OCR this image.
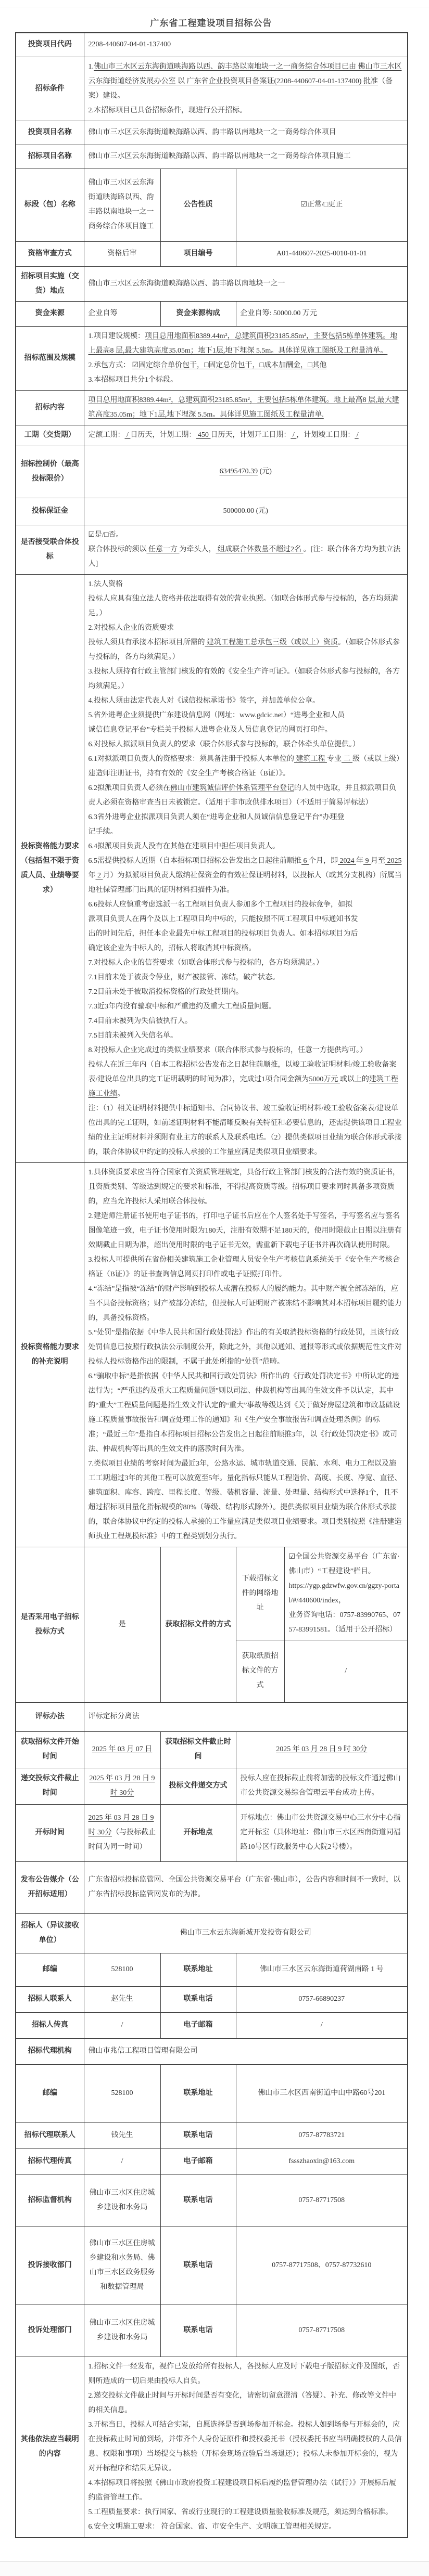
广东省工程建设项目招标公告
投资项目代码	2208-440607-04-01-137400			
招标条件	1.佛山市三水区云东海街道映海路以西、韵丰路以南地块一之一商务综合体项目已由 佛山市三水区云东海街道经济发展办公室 以 广东省企业投资项目备案证(2208-440607-04-01-137400) 批准（备案）建设。
2.本招标项目已具备招标条件，现进行公开招标。			
投资项目名称	佛山市三水区云东海街道映海路以西、韵丰路以南地块一之一商务综合体项目			
招标项目名称	佛山市三水区云东海街道映海路以西、韵丰路以南地块一之一商务综合体项目施工			
标段（包）名称	佛山市三水区云东海街道映海路以西、韵丰路以南地块一之一商务综合体项目施工	公告性质	☑正常/□更正	
资格审查方式	资格后审	项目编号	A01-440607-2025-0010-01-01	
招标项目实施（交货）地点	佛山市三水区云东海街道映海路以西、韵丰路以南地块一之一			
资金来源	企业自筹	资金来源构成	企业自筹: 50000.00 万元	
招标范围及规模	1.项目建设规模：项目总用地面积8389.44m²，总建筑面积23185.85m²，主要包括5栋单体建筑。地上最高8 层,最大建筑高度35.05m；地下1层,地下埋深 5.5m。具体详见施工图纸及工程量清单。
2.承包方式： ☑固定综合单价包干，□固定总价包干，□成本加酬金，□其他
3.本招标项目共分1个标段。			
招标内容	项目总用地面积8389.44m²，总建筑面积23185.85m²，主要包括5栋单体建筑。地上最高8 层,最大建筑高度35.05m；地下1层,地下埋深 5.5m。具体详见施工图纸及工程量清单.			
工期（交货期）	定额工期： / 日历天，计划工期： 450 日历天，计划开工日期： / ，计划竣工日期： /			
招标控制价（最高投标限价）	63495470.39 (元)			
投标保证金	500000.00 (元)			
是否接受联合体投标	☑是/□否。
联合体投标的须以 任意一方 为牵头人， 组成联合体数量不超过2名 。[注：联合体各方均为独立法人]			
投标资格能力要求
（包括但不限于资质人员、业绩等要求）	1.法人资格
投标人应具有独立法人资格并依法取得有效的营业执照。（如联合体形式参与投标的，各方均须满足。）
2.对投标人企业的资质要求
投标人须具有承接本招标项目所需的 建筑工程施工总承包三级（或以上）资质。（如联合体形式参与投标的，各方均须满足。）
3.投标人须持有行政主管部门核发的有效的《安全生产许可证》。（如联合体形式参与投标的，各方均须满足。）
4.投标人须由法定代表人对《诚信投标承诺书》签字，并加盖单位公章。
5.省外进粤企业须提供广东建设信息网（网址：www.gdcic.net）“进粤企业和人员
诚信信息登记平台”专栏关于投标人进粤企业及人员信息登记的网页打印件。
6.对投标人拟派项目负责人的要求（联合体形式参与投标的，联合体牵头单位提供。）
6.1对拟派项目负责人的资格要求：须具备注册于投标人本单位的 建筑工程 专业 二 级（或以上级）建造师注册证书，持有有效的《安全生产考核合格证（B证）》。
6.2拟派项目负责人必须在佛山市建筑诚信评价体系管理平台登记的人员中选取，并且拟派项目负责人必须在资格审查当日未被锁定。（适用于非市政供排水项目）（不适用于简易评标法）
6.3省外进粤企业拟派项目负责人须在“进粤企业和人员诚信信息登记平台”办理登
记手续。
6.4拟派项目负责人没有在其他在建项目中担任项目负责人。
6.5需提供投标人近期（自本招标项目招标公告发出之日起往前顺推 6 个月，即 2024 年 9 月至 2025 年 2 月）为拟派项目负责人缴纳社保资金的有效社保证明材料，以投标人（或其分支机构）所属当地社保管理部门出具的证明材料扫描件为准。
6.6投标人应慎重考虑选派一名工程项目负责人参加多个工程项目的投标竞争，如拟
派项目负责人在两个及以上工程项目均中标的，只能按照不同工程项目中标通知书发
出的时间先后，担任本企业最先中标工程项目的投标项目负责人。如本招标项目为后
确定该企业为中标人的，招标人将取消其中标资格。
7.对投标人企业的信誉要求（如联合体形式参与投标的，各方均须满足。）
7.1目前未处于被责令停业，财产被接管、冻结，破产状态。
7.2目前未处于被取消投标资格的行政处罚期内。
7.3近3年内没有骗取中标和严重违约及重大工程质量问题。
7.4目前未被列为失信被执行人。
7.5目前未被列入失信名单。
8.对投标人企业完成过的类似业绩要求（联合体形式参与投标的，任意一方提供均可。）
投标人在近三年内（自本工程招标公告发布之日起往前顺推，以竣工验收证明材料/竣工验收备案表/建设单位出具的完工证明载明的时间为准），完成过1项合同金额为5000万元 或以上的建筑工程施工业绩。
注：（1）相关证明材料提供中标通知书、合同协议书、竣工验收证明材料/竣工验收备案表/建设单位出具的完工证明，如前述证明材料不能清晰反映有关特征和必要信息的，还需提供该项目工程业绩的业主证明材料并须附有业主方的联系人及联系电话。（2）提供类似项目业绩为联合体形式承接的，联合体协议中约定的投标人承接的工作量应满足类似项目业绩要求。
投标资格能力要求的补充说明	1.具体资质要求应当符合国家有关资质管理规定，具备行政主管部门核发的合法有效的资质证书，且资质类别、等级达到规定的要求和标准，不得提高资质等级。招标项目要求同时具备多项资质的，应当允许投标人采用联合体投标。
2.建造师注册证书使用电子证书的，打印电子证书后应在个人签名处手写签名，手写签名应与签名图像笔迹一致，电子证书使用时限为180天，注册有效期不足180天的，使用时限截止日期以注册有效期截止日期为准，超出使用时限的电子证书无效，需重新下载电子证书并再次确认使用时限。
3.投标人可提供所在省份相关建筑施工企业管理人员安全生产考核信息系统关于《安全生产考核合格证（B证）》的证书查询信息网页打印件或电子证照打印件。
4.“冻结”是指被“冻结”的财产影响到投标人或潜在投标人的履约能力。其中财产被全部冻结的，应当不具备投标资格；财产被部分冻结，但投标人可证明财产被冻结不影响其对本招标项目履约能力的，具备投标资格。
5.“处罚”是指依据《中华人民共和国行政处罚法》作出的有关取消投标资格的行政处罚，且该行政处罚信息已按照行政执法公示制度公开，除此之外，其他以通知、通报等形式或依据规范性文件对投标人投标资格作出的限制，不属于此处所指的“处罚”范畴。
6.“骗取中标”是指依据《中华人民共和国行政处罚法》所作出的《行政处罚决定书》中所认定的违法行为；“严重违约及重大工程质量问题”则以司法、仲裁机构等出具的生效文件予以认定，其中的“重大”工程质量问题是指生效文件认定的“重大”事故等级达到《关于做好房屋建筑和市政基础设施工程质量事故报告和调查处理工作的通知》和《生产安全事故报告和调查处理条例》的标准；“最近三年”是指自本招标项目招标公告发出之日起往前顺推3年，以《行政处罚决定书》或司法、仲裁机构等出具的生效文件的落款时间为准。
7.类似项目业绩的考察时间为最近3年，公路水运、城市轨道交通、民航、水利、电力工程以及施工工期超过3年的其他工程可以放宽至5年。量化指标只能从工程造价、高度、长度、净宽、直径、建筑面积、库容、跨度、里程长度、等级、装机容量、流量、处理量、结构形式中选择1个，且不超过招标项目量化指标规模的80%（等级、结构形式除外）。提供类似项目业绩为联合体形式承接的，联合体协议中约定的投标人承接的工作量应满足类似项目业绩要求。项目类别按照《注册建造师执业工程规模标准》中的工程类别划分执行。
是否采用电子招标投标方式	是	获取招标文件的方式	下载招标文件的网络地址	☑全国公共资源交易平台（广东省·佛山市）“工程建设”栏目。
https://ygp.gdzwfw.gov.cn/ggzy-portal/#/440600/index，
业务咨询电话：0757-83990765、0757-83991581。（适用于公开招标）
			获取纸质招标文件的方式	/
评标办法	评标定标分离法			
获取招标文件开始时间	2025 年 03 月 07 日	获取招标文件截止时间	2025 年 03 月 28 日 9 时 30分	
递交投标文件截止时间	2025 年 03 月 28 日 9 时 30分	投标文件递交方式	投标人应在投标截止前将加密的投标文件通过佛山市公共资源交易综合管理云平台成功上传。	
开标时间	2025 年 03 月 28 日 9 时 30分（与投标截止时间为同一时间）	开标地点	开标地点：佛山市公共资源交易中心三水分中心指定开标室（具体地址：佛山市三水区西南街道同福路10号区行政服务中心大院2号楼）。	
发布公告媒介（公开招标适用）	广东省招标投标监管网、全国公共资源交易平台（广东省·佛山市），公告内容和时间不一致时，以广东省招标投标监管网发布的为准。			
招标人（异议接收单位）	佛山市三水云东海新城开发投资有限公司			
邮编	528100	联系地址	佛山市三水区云东海街道荷湖南路 1 号	
招标人联系人	赵先生	联系电话	0757-66890237	
招标人传真	/	电子邮箱	/	
招标代理机构	佛山市兆信工程项目管理有限公司			
邮编	528100	联系地址	佛山市三水区西南街道中山中路60号201	
招标代理联系人	钱先生	联系电话	0757-87783721	
招标代理传真	/	电子邮箱	fssszhaoxin@163.com	
招标监督机构	佛山市三水区住房城乡建设和水务局	联系电话	0757-87717508	
投诉接收部门	佛山市三水区住房城乡建设和水务局、佛山市三水区政务服务和数据管理局	联系电话	0757-87717508、0757-87732610	
投诉处理部门	佛山市三水区住房城乡建设和水务局	联系电话	0757-87717508	
其他依法应当载明的内容	1.招标文件一经发布，视作已发放给所有投标人，各投标人应及时下载电子版招标文件及图纸，否则所造成的一切后果由投标人自负。
2.递交投标文件截止时间与开标时间是否有变化，请密切留意澄清（答疑）、补充、修改等文件中的相关信息。
3.开标当日，投标人可结合实际，自愿选择是否到场参加开标会。投标人如到场参与开标会的，应在投标截止时间前到场，并带齐个人身份证原件和授权委托书（授权委托书应当明确授权的人员信息、权限和事项）当场提交与核验（开标会现场查验后当场退还）；投标人未参加开标会的，视为对开标程序和结果无异议。
4.本招标项目将按照《佛山市政府投资工程建设项目标后履约监督管理办法（试行）》开展标后履约监督管理工作。
5.工程质量要求：执行国家、省或行业现行的工程建设质量验收标准及规范，须达到合格标准。
6.安全文明施工要求： 符合国家、省、市安全生产、文明施工管理相关规定。
